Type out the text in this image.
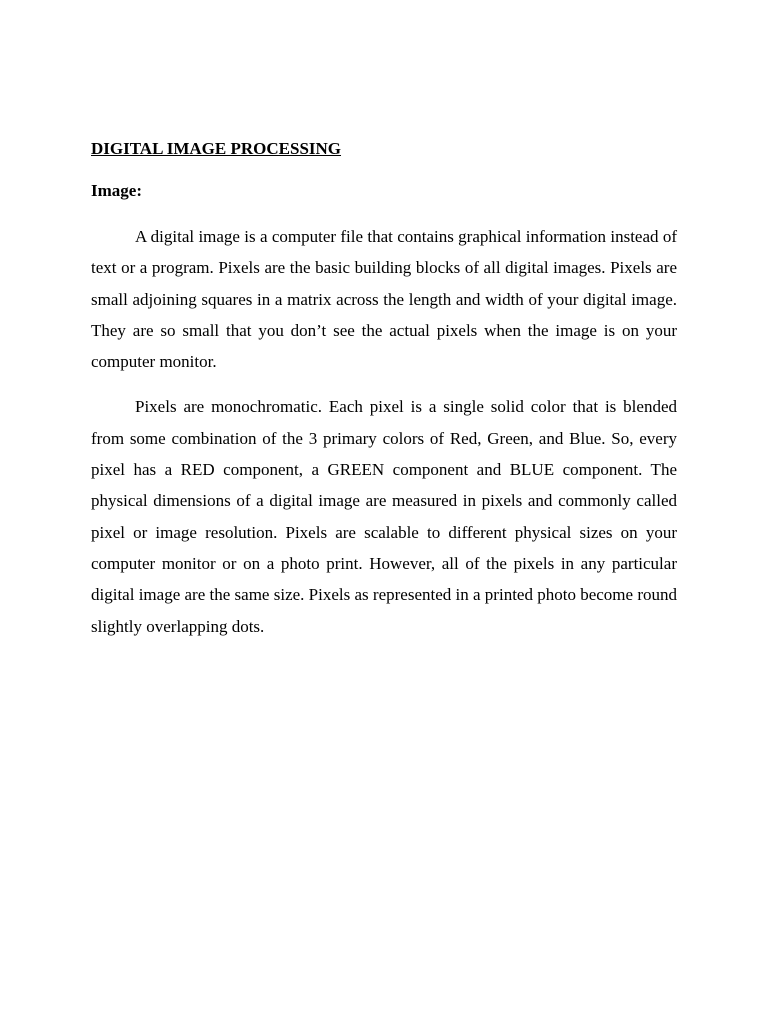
DIGITAL IMAGE PROCESSING
Image:

A digital image is a computer file that contains graphical information instead of text or a program. Pixels are the basic building blocks of all digital images. Pixels are small adjoining squares in a matrix across the length and width of your digital image. They are so small that you don’t see the actual pixels when the image is on your computer monitor.

Pixels are monochromatic. Each pixel is a single solid color that is blended from some combination of the 3 primary colors of Red, Green, and Blue. So, every pixel has a RED component, a GREEN component and BLUE component. The physical dimensions of a digital image are measured in pixels and commonly called pixel or image resolution. Pixels are scalable to different physical sizes on your computer monitor or on a photo print. However, all of the pixels in any particular digital image are the same size. Pixels as represented in a printed photo become round slightly overlapping dots.
